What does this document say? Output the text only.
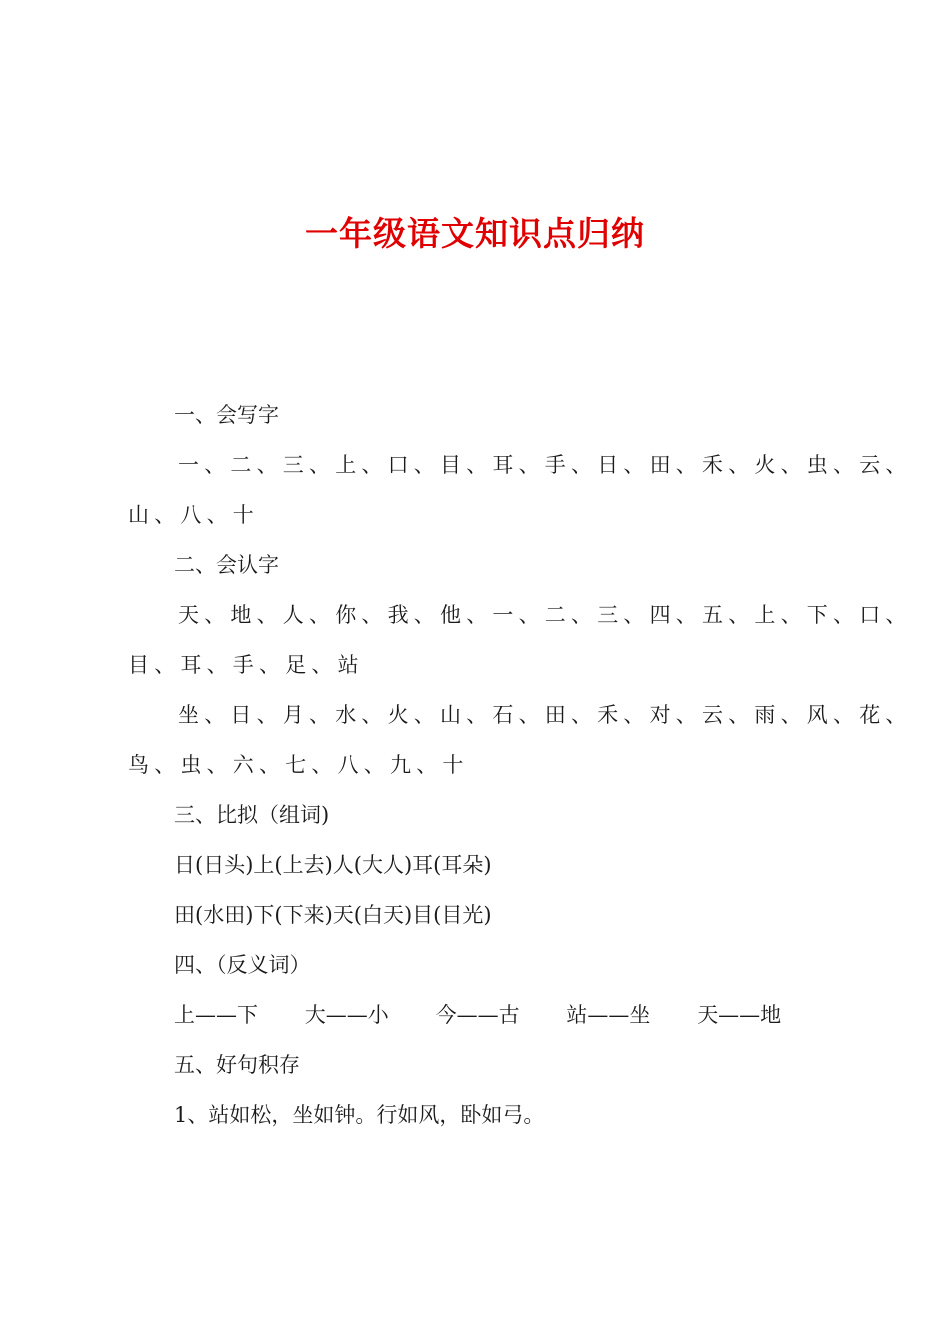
一年级语文知识点归纳
一、会写字
一、二、三、上、口、目、耳、手、日、田、禾、火、虫、云、
山、八、十
二、会认字
天、地、人、你、我、他、一、二、三、四、五、上、下、口、
目、耳、手、足、站
坐、日、月、水、火、山、石、田、禾、对、云、雨、风、花、
鸟、虫、六、七、八、九、十
三、比拟（组词)
日(日头)上(上去)人(大人)耳(耳朵)
田(水田)下(下来)天(白天)目(目光)
四、（反义词）
上——下	大——小	今——古	站——坐	天——地
五、好句积存
1、站如松，坐如钟。行如风，卧如弓。
